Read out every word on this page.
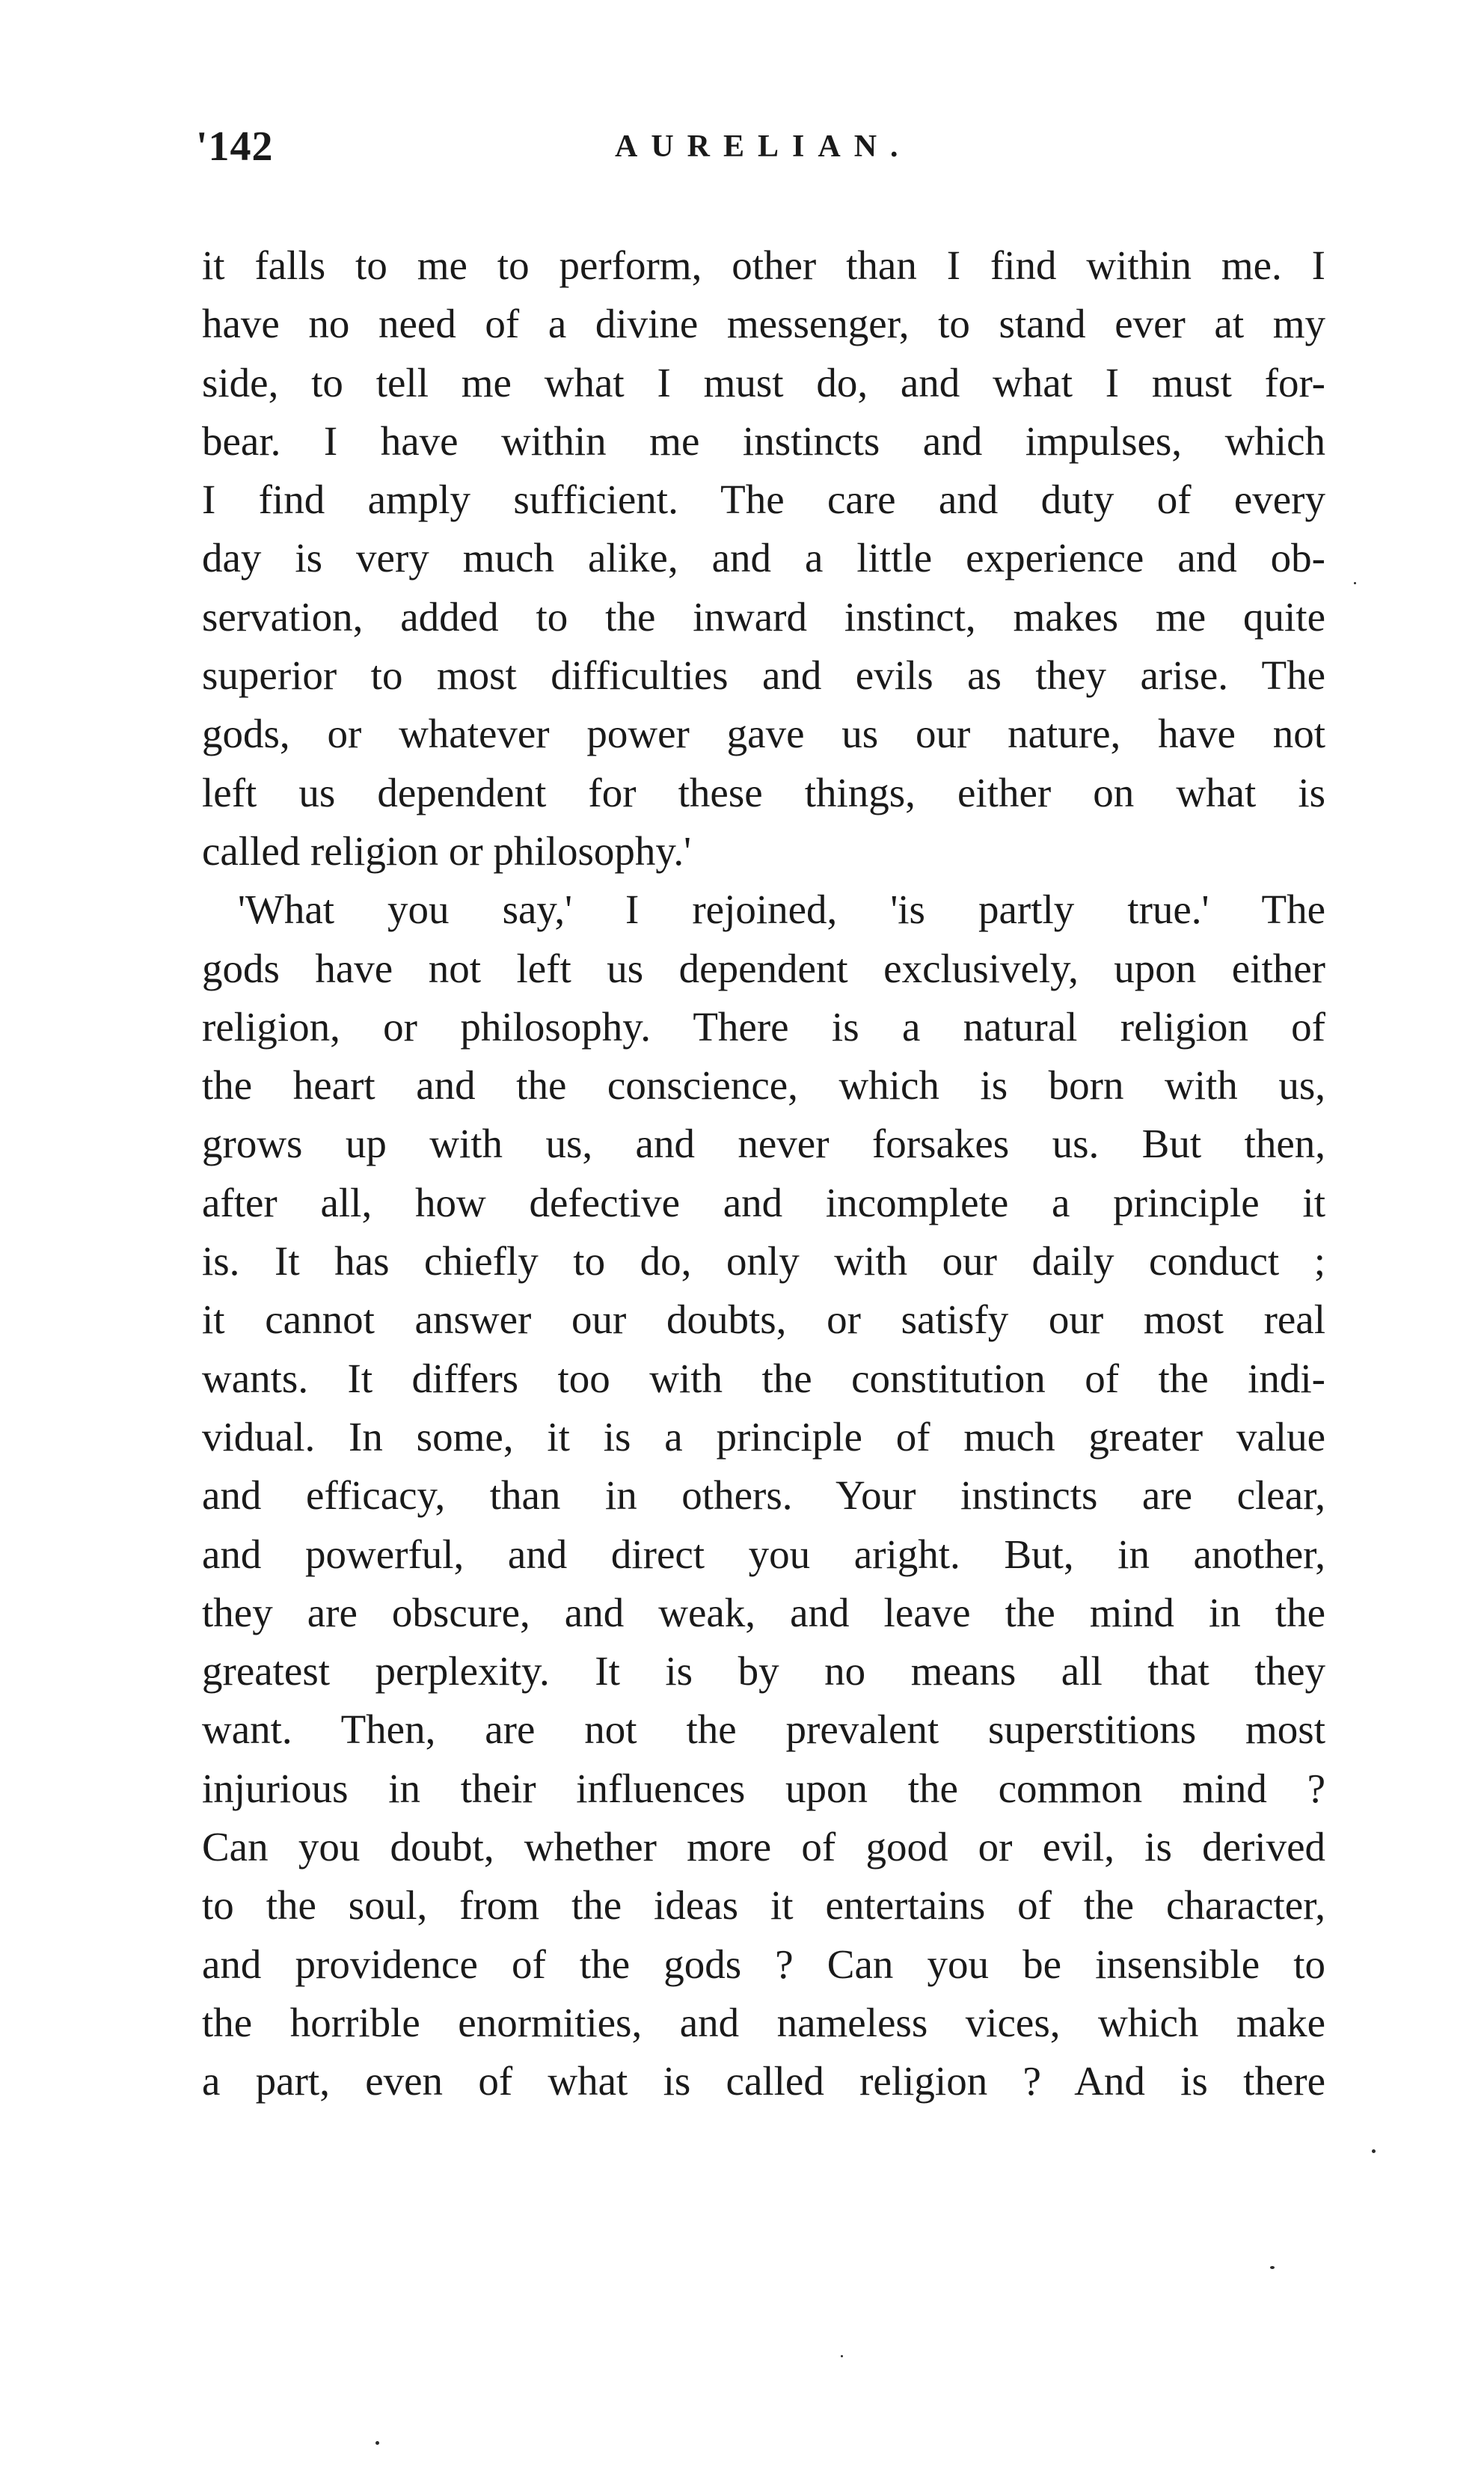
'142	AURELIAN.
it falls to me to perform, other than I find within me. I
have no need of a divine messenger, to stand ever at my
side, to tell me what I must do, and what I must for-
bear. I have within me instincts and impulses, which
I find amply sufficient. The care and duty of every
day is very much alike, and a little experience and ob-
servation, added to the inward instinct, makes me quite
superior to most difficulties and evils as they arise. The
gods, or whatever power gave us our nature, have not
left us dependent for these things, either on what is
called religion or philosophy.'
'What you say,' I rejoined, 'is partly true.' The
gods have not left us dependent exclusively, upon either
religion, or philosophy. There is a natural religion of
the heart and the conscience, which is born with us,
grows up with us, and never forsakes us. But then,
after all, how defective and incomplete a principle it
is. It has chiefly to do, only with our daily conduct ;
it cannot answer our doubts, or satisfy our most real
wants. It differs too with the constitution of the indi-
vidual. In some, it is a principle of much greater value
and efficacy, than in others. Your instincts are clear,
and powerful, and direct you aright. But, in another,
they are obscure, and weak, and leave the mind in the
greatest perplexity. It is by no means all that they
want. Then, are not the prevalent superstitions most
injurious in their influences upon the common mind ?
Can you doubt, whether more of good or evil, is derived
to the soul, from the ideas it entertains of the character,
and providence of the gods ? Can you be insensible to
the horrible enormities, and nameless vices, which make
a part, even of what is called religion ? And is there
